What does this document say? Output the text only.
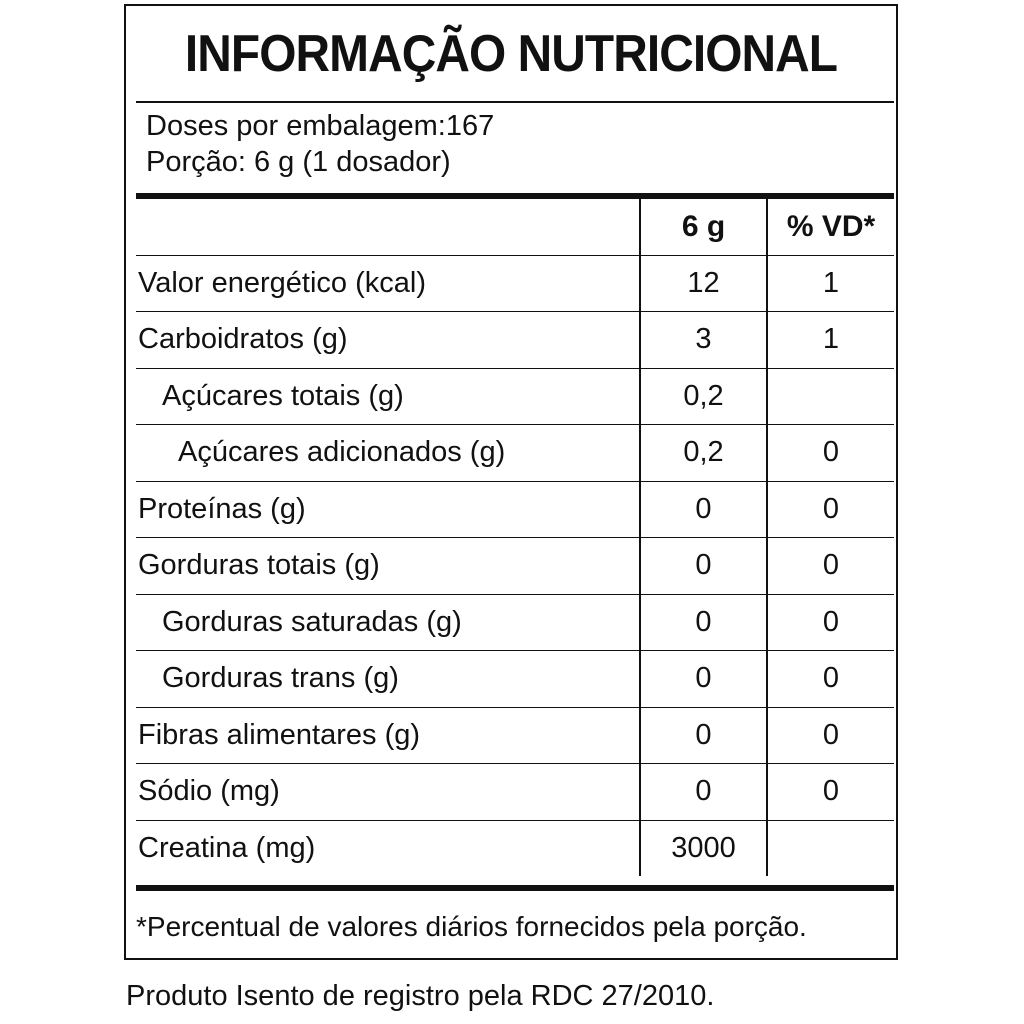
INFORMAÇÃO NUTRICIONAL
Doses por embalagem:167
Porção: 6 g (1 dosador)
	6 g	% VD*
Valor energético (kcal)	12	1
Carboidratos (g)	3	1
Açúcares totais (g)	0,2	
Açúcares adicionados (g)	0,2	0
Proteínas (g)	0	0
Gorduras totais (g)	0	0
Gorduras saturadas (g)	0	0
Gorduras trans (g)	0	0
Fibras alimentares (g)	0	0
Sódio (mg)	0	0
Creatina (mg)	3000	
*Percentual de valores diários fornecidos pela porção.
Produto Isento de registro pela RDC 27/2010.
